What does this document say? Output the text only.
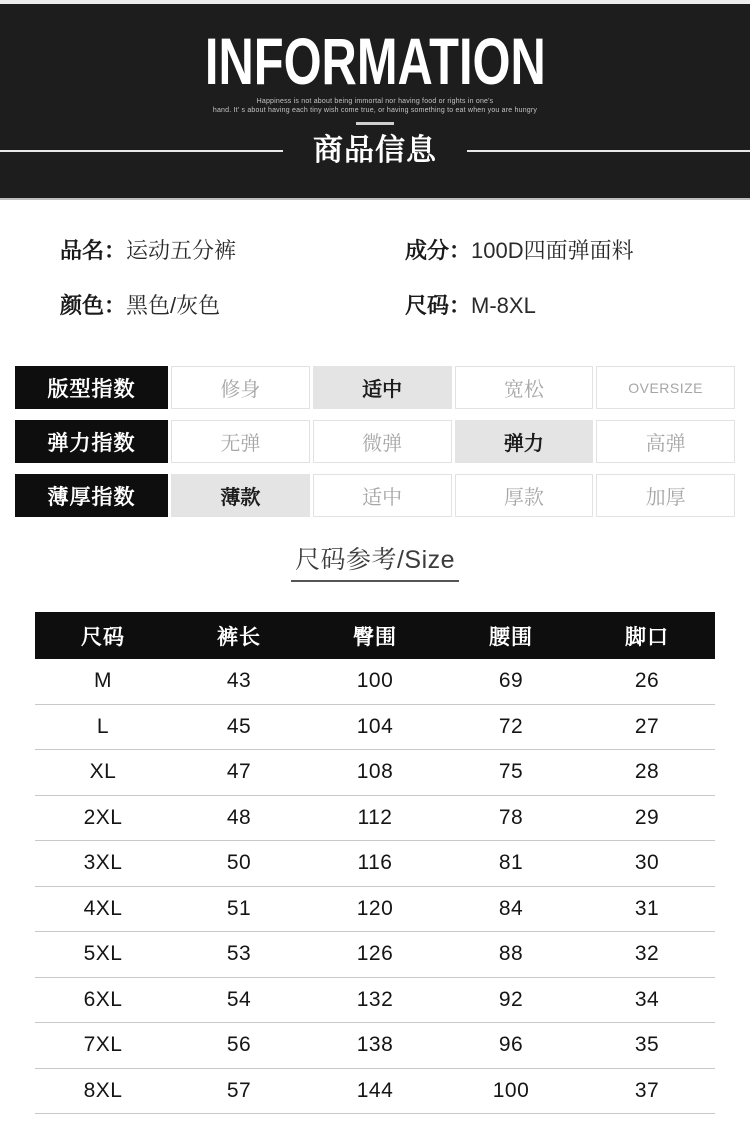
INFORMATION
Happiness is not about being immortal nor having food or rights in one's
hand. It' s about having each tiny wish come true, or having something to eat when you are hungry
商品信息
品名：运动五分裤	成分：100D四面弹面料
颜色：黑色/灰色	尺码：M-8XL
版型指数	修身	适中	宽松	OVERSIZE
弹力指数	无弹	微弹	弹力	高弹
薄厚指数	薄款	适中	厚款	加厚
尺码参考/Size
尺码	裤长	臀围	腰围	脚口
M	43	100	69	26
L	45	104	72	27
XL	47	108	75	28
2XL	48	112	78	29
3XL	50	116	81	30
4XL	51	120	84	31
5XL	53	126	88	32
6XL	54	132	92	34
7XL	56	138	96	35
8XL	57	144	100	37
